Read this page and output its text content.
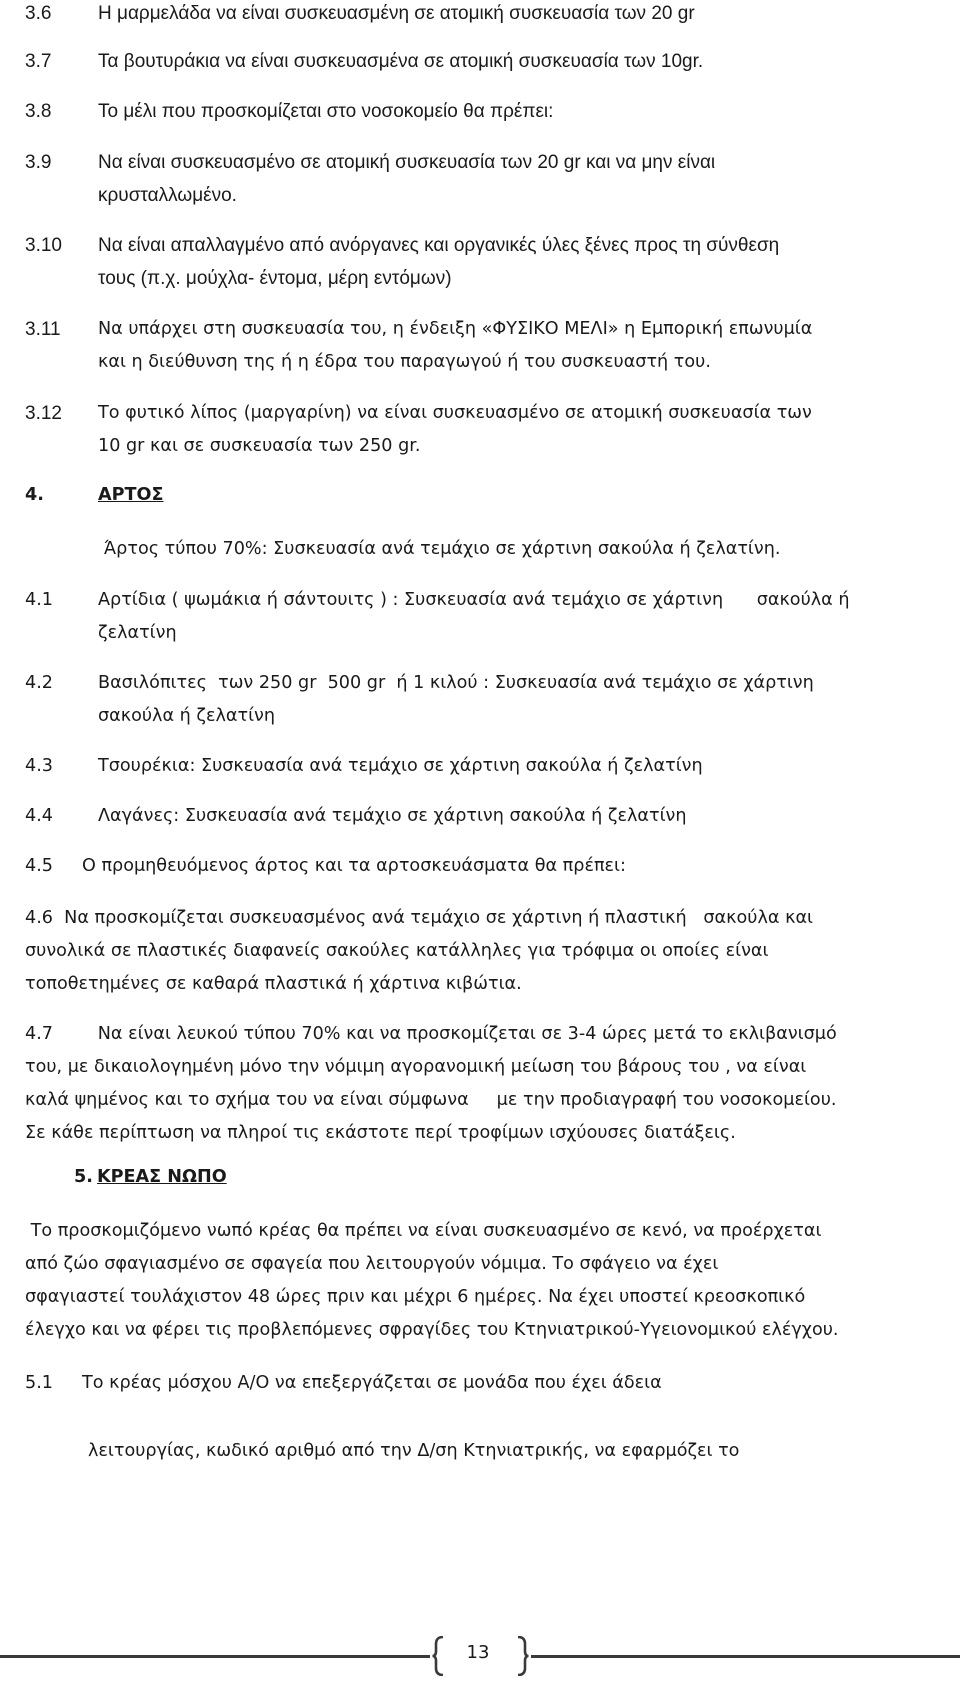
3.6 Η μαρμελάδα να είναι συσκευασμένη σε ατομική συσκευασία των 20 gr
3.7 Τα βουτυράκια να είναι συσκευασμένα σε ατομική συσκευασία των 10gr.
3.8 Το μέλι που προσκομίζεται στο νοσοκομείο θα πρέπει:
3.9 Να είναι συσκευασμένο σε ατομική συσκευασία των 20 gr και να μην είναι
κρυσταλλωμένο.
3.10 Να είναι απαλλαγμένο από ανόργανες και οργανικές ύλες ξένες προς τη σύνθεση
τους (π.χ. μούχλα- έντομα, μέρη εντόμων)
3.11 Να υπάρχει στη συσκευασία του, η ένδειξη «ΦΥΣΙΚΟ ΜΕΛΙ» η Εμπορική επωνυμία
και η διεύθυνση της ή η έδρα του παραγωγού ή του συσκευαστή του.
3.12 Το φυτικό λίπος (μαργαρίνη) να είναι συσκευασμένο σε ατομική συσκευασία των
10 gr και σε συσκευασία των 250 gr.
4.	ΑΡΤΟΣ
Άρτος τύπου 70%: Συσκευασία ανά τεμάχιο σε χάρτινη σακούλα ή ζελατίνη.
4.1	Αρτίδια ( ψωμάκια ή σάντουιτς ) : Συσκευασία ανά τεμάχιο σε χάρτινη      σακούλα ή
ζελατίνη
4.2	Βασιλόπιτες  των 250 gr  500 gr  ή 1 κιλού : Συσκευασία ανά τεμάχιο σε χάρτινη
σακούλα ή ζελατίνη
4.3	Τσουρέκια: Συσκευασία ανά τεμάχιο σε χάρτινη σακούλα ή ζελατίνη
4.4	Λαγάνες: Συσκευασία ανά τεμάχιο σε χάρτινη σακούλα ή ζελατίνη
4.5 Ο προμηθευόμενος άρτος και τα αρτοσκευάσματα θα πρέπει:
4.6  Να προσκομίζεται συσκευασμένος ανά τεμάχιο σε χάρτινη ή πλαστική   σακούλα και
συνολικά σε πλαστικές διαφανείς σακούλες κατάλληλες για τρόφιμα οι οποίες είναι
τοποθετημένες σε καθαρά πλαστικά ή χάρτινα κιβώτια.
4.7        Να είναι λευκού τύπου 70% και να προσκομίζεται σε 3-4 ώρες μετά το εκλιβανισμό
του, με δικαιολογημένη μόνο την νόμιμη αγορανομική μείωση του βάρους του , να είναι
καλά ψημένος και το σχήμα του να είναι σύμφωνα     με την προδιαγραφή του νοσοκομείου.
Σε κάθε περίπτωση να πληροί τις εκάστοτε περί τροφίμων ισχύουσες διατάξεις.
5. ΚΡΕΑΣ ΝΩΠΟ
Το προσκομιζόμενο νωπό κρέας θα πρέπει να είναι συσκευασμένο σε κενό, να προέρχεται
από ζώο σφαγιασμένο σε σφαγεία που λειτουργούν νόμιμα. Το σφάγειο να έχει
σφαγιαστεί τουλάχιστον 48 ώρες πριν και μέχρι 6 ημέρες. Να έχει υποστεί κρεοσκοπικό
έλεγχο και να φέρει τις προβλεπόμενες σφραγίδες του Κτηνιατρικού-Υγειονομικού ελέγχου.
5.1 Το κρέας μόσχου Α/Ο να επεξεργάζεται σε μονάδα που έχει άδεια
λειτουργίας, κωδικό αριθμό από την Δ/ση Κτηνιατρικής, να εφαρμόζει το
13
